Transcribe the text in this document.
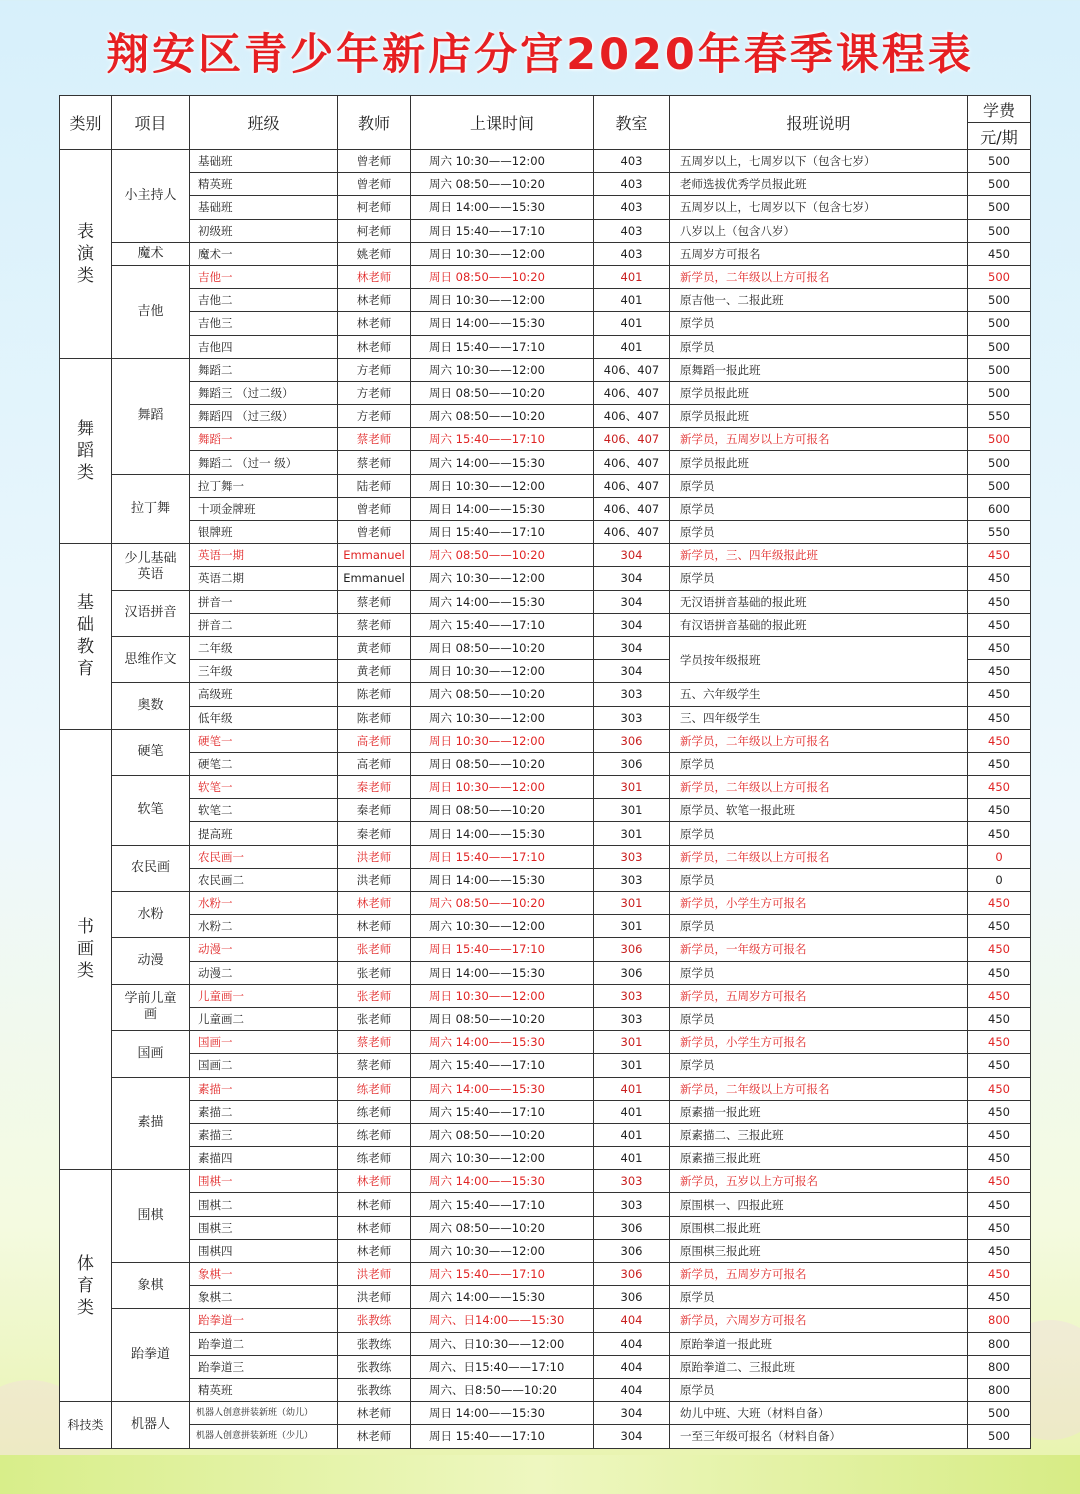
翔安区青少年新店分宫2020年春季课程表
类别	项目	班级	教师	上课时间	教室	报班说明	学费
							元/期
表演类	小主持人	基础班	曾老师	周六 10:30——12:00	403	五周岁以上，七周岁以下（包含七岁）	500
		精英班	曾老师	周六 08:50——10:20	403	老师选拔优秀学员报此班	500
		基础班	柯老师	周日 14:00——15:30	403	五周岁以上，七周岁以下（包含七岁）	500
		初级班	柯老师	周日 15:40——17:10	403	八岁以上（包含八岁）	500
	魔术	魔术一	姚老师	周日 10:30——12:00	403	五周岁方可报名	450
	吉他	吉他一	林老师	周日 08:50——10:20	401	新学员，二年级以上方可报名	500
		吉他二	林老师	周日 10:30——12:00	401	原吉他一、二报此班	500
		吉他三	林老师	周日 14:00——15:30	401	原学员	500
		吉他四	林老师	周日 15:40——17:10	401	原学员	500
舞蹈类	舞蹈	舞蹈二	方老师	周六 10:30——12:00	406、407	原舞蹈一报此班	500
		舞蹈三 （过二级）	方老师	周日 08:50——10:20	406、407	原学员报此班	500
		舞蹈四 （过三级）	方老师	周六 08:50——10:20	406、407	原学员报此班	550
		舞蹈一	蔡老师	周六 15:40——17:10	406、407	新学员，五周岁以上方可报名	500
		舞蹈二 （过一 级）	蔡老师	周六 14:00——15:30	406、407	原学员报此班	500
	拉丁舞	拉丁舞一	陆老师	周日 10:30——12:00	406、407	原学员	500
		十项金牌班	曾老师	周日 14:00——15:30	406、407	原学员	600
		银牌班	曾老师	周日 15:40——17:10	406、407	原学员	550
基础教育	少儿基础英语	英语一期	Emmanuel	周六 08:50——10:20	304	新学员，三、四年级报此班	450
		英语二期	Emmanuel	周六 10:30——12:00	304	原学员	450
	汉语拼音	拼音一	蔡老师	周六 14:00——15:30	304	无汉语拼音基础的报此班	450
		拼音二	蔡老师	周六 15:40——17:10	304	有汉语拼音基础的报此班	450
	思维作文	二年级	黄老师	周日 08:50——10:20	304	学员按年级报班	450
		三年级	黄老师	周日 10:30——12:00	304		450
	奥数	高级班	陈老师	周六 08:50——10:20	303	五、六年级学生	450
		低年级	陈老师	周六 10:30——12:00	303	三、四年级学生	450
书画类	硬笔	硬笔一	高老师	周日 10:30——12:00	306	新学员，二年级以上方可报名	450
		硬笔二	高老师	周日 08:50——10:20	306	原学员	450
	软笔	软笔一	秦老师	周日 10:30——12:00	301	新学员，二年级以上方可报名	450
		软笔二	秦老师	周日 08:50——10:20	301	原学员、软笔一报此班	450
		提高班	秦老师	周日 14:00——15:30	301	原学员	450
	农民画	农民画一	洪老师	周日 15:40——17:10	303	新学员，二年级以上方可报名	0
		农民画二	洪老师	周日 14:00——15:30	303	原学员	0
	水粉	水粉一	林老师	周六 08:50——10:20	301	新学员，小学生方可报名	450
		水粉二	林老师	周六 10:30——12:00	301	原学员	450
	动漫	动漫一	张老师	周日 15:40——17:10	306	新学员，一年级方可报名	450
		动漫二	张老师	周日 14:00——15:30	306	原学员	450
	学前儿童画	儿童画一	张老师	周日 10:30——12:00	303	新学员，五周岁方可报名	450
		儿童画二	张老师	周日 08:50——10:20	303	原学员	450
	国画	国画一	蔡老师	周六 14:00——15:30	301	新学员，小学生方可报名	450
		国画二	蔡老师	周六 15:40——17:10	301	原学员	450
	素描	素描一	练老师	周六 14:00——15:30	401	新学员，二年级以上方可报名	450
		素描二	练老师	周六 15:40——17:10	401	原素描一报此班	450
		素描三	练老师	周六 08:50——10:20	401	原素描二、三报此班	450
		素描四	练老师	周六 10:30——12:00	401	原素描三报此班	450
体育类	围棋	围棋一	林老师	周六 14:00——15:30	303	新学员，五岁以上方可报名	450
		围棋二	林老师	周六 15:40——17:10	303	原围棋一、四报此班	450
		围棋三	林老师	周六 08:50——10:20	306	原围棋二报此班	450
		围棋四	林老师	周六 10:30——12:00	306	原围棋三报此班	450
	象棋	象棋一	洪老师	周六 15:40——17:10	306	新学员，五周岁方可报名	450
		象棋二	洪老师	周六 14:00——15:30	306	原学员	450
	跆拳道	跆拳道一	张教练	周六、日14:00——15:30	404	新学员，六周岁方可报名	800
		跆拳道二	张教练	周六、日10:30——12:00	404	原跆拳道一报此班	800
		跆拳道三	张教练	周六、日15:40——17:10	404	原跆拳道二、三报此班	800
		精英班	张教练	周六、日8:50——10:20	404	原学员	800
科技类	机器人	机器人创意拼装新班（幼儿）	林老师	周日 14:00——15:30	304	幼儿中班、大班（材料自备）	500
		机器人创意拼装新班（少儿）	林老师	周日 15:40——17:10	304	一至三年级可报名（材料自备）	500
